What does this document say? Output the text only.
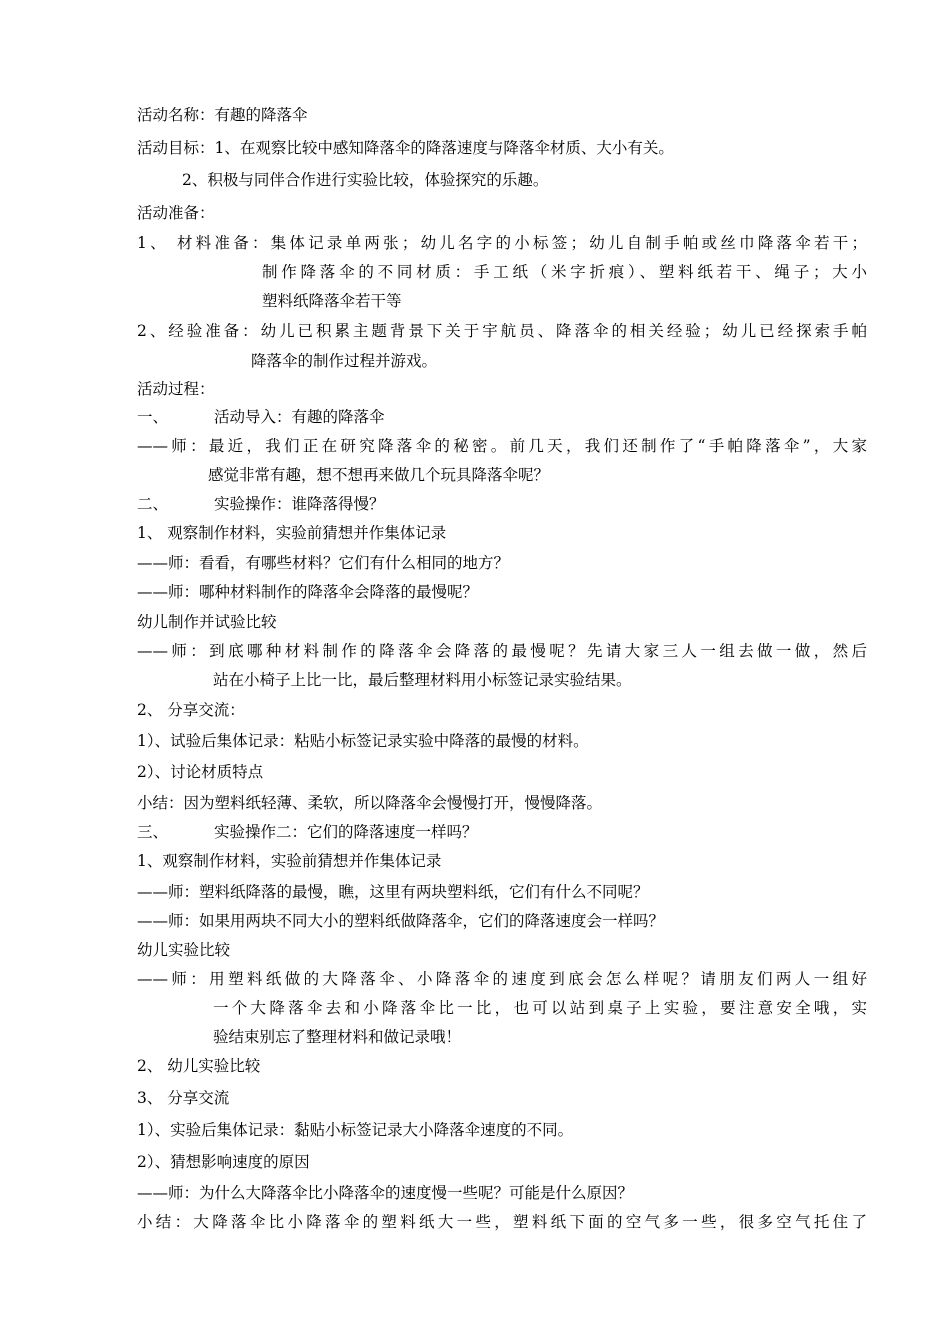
活动名称：有趣的降落伞
活动目标：1、在观察比较中感知降落伞的降落速度与降落伞材质、大小有关。
2、积极与同伴合作进行实验比较，体验探究的乐趣。
活动准备：
1、 材料准备：集体记录单两张；幼儿名字的小标签；幼儿自制手帕或丝巾降落伞若干；
制作降落伞的不同材质：手工纸（米字折痕）、塑料纸若干、绳子；大小
塑料纸降落伞若干等
2、经验准备：幼儿已积累主题背景下关于宇航员、降落伞的相关经验；幼儿已经探索手帕
降落伞的制作过程并游戏。
活动过程：
一、	活动导入：有趣的降落伞
——师：最近，我们正在研究降落伞的秘密。前几天，我们还制作了“手帕降落伞”，大家
感觉非常有趣，想不想再来做几个玩具降落伞呢？
二、	实验操作：谁降落得慢？
1、 观察制作材料，实验前猜想并作集体记录
——师：看看，有哪些材料？它们有什么相同的地方？
——师：哪种材料制作的降落伞会降落的最慢呢？
幼儿制作并试验比较
——师：到底哪种材料制作的降落伞会降落的最慢呢？先请大家三人一组去做一做，然后
站在小椅子上比一比，最后整理材料用小标签记录实验结果。
2、 分享交流：
1）、试验后集体记录：粘贴小标签记录实验中降落的最慢的材料。
2）、讨论材质特点
小结：因为塑料纸轻薄、柔软，所以降落伞会慢慢打开，慢慢降落。
三、	实验操作二：它们的降落速度一样吗？
1、观察制作材料，实验前猜想并作集体记录
——师：塑料纸降落的最慢，瞧，这里有两块塑料纸，它们有什么不同呢？
——师：如果用两块不同大小的塑料纸做降落伞，它们的降落速度会一样吗？
幼儿实验比较
——师：用塑料纸做的大降落伞、小降落伞的速度到底会怎么样呢？请朋友们两人一组好
一个大降落伞去和小降落伞比一比，也可以站到桌子上实验，要注意安全哦，实
验结束别忘了整理材料和做记录哦！
2、 幼儿实验比较
3、 分享交流
1）、实验后集体记录：黏贴小标签记录大小降落伞速度的不同。
2）、猜想影响速度的原因
——师：为什么大降落伞比小降落伞的速度慢一些呢？可能是什么原因？
小结：大降落伞比小降落伞的塑料纸大一些，塑料纸下面的空气多一些，很多空气托住了
